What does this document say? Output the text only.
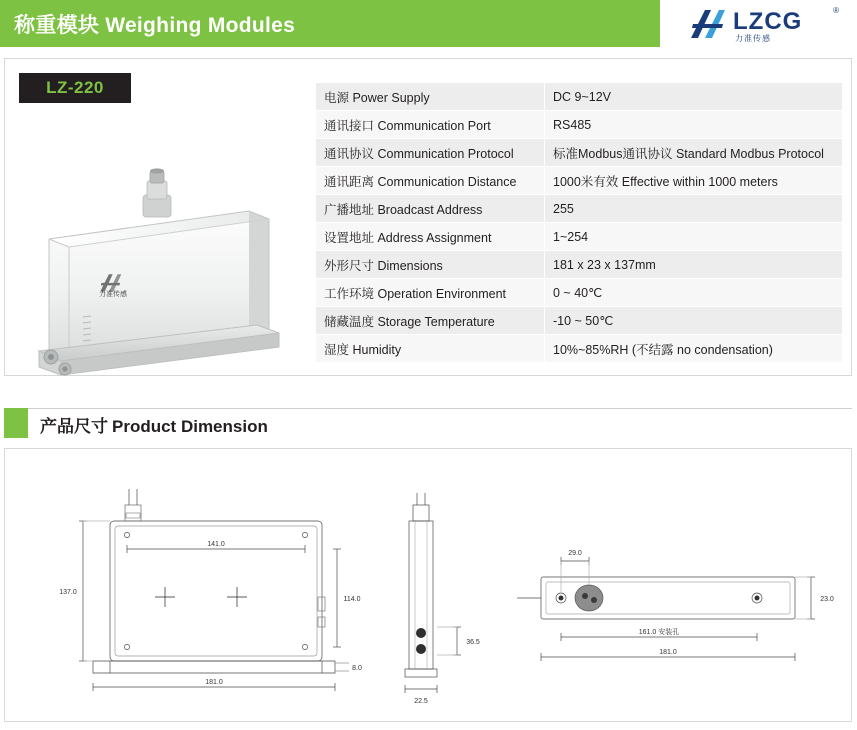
称重模块 Weighing Modules	LZCG
力准传感
®
LZ-220
力准传感
电源 Power Supply	DC 9~12V
通讯接口 Communication Port	RS485
通讯协议 Communication Protocol	标准Modbus通讯协议 Standard Modbus Protocol
通讯距离 Communication Distance	1000米有效 Effective within 1000 meters
广播地址 Broadcast Address	255
设置地址 Address Assignment	1~254
外形尺寸 Dimensions	181 x 23 x 137mm
工作环境 Operation Environment	0 ~ 40℃
储藏温度 Storage Temperature	-10 ~ 50℃
湿度 Humidity	10%~85%RH (不结露 no condensation)
产品尺寸 Product Dimension
137.0
141.0
114.0
8.0
181.0
36.5
22.5
29.0
23.0
161.0 安装孔
181.0
